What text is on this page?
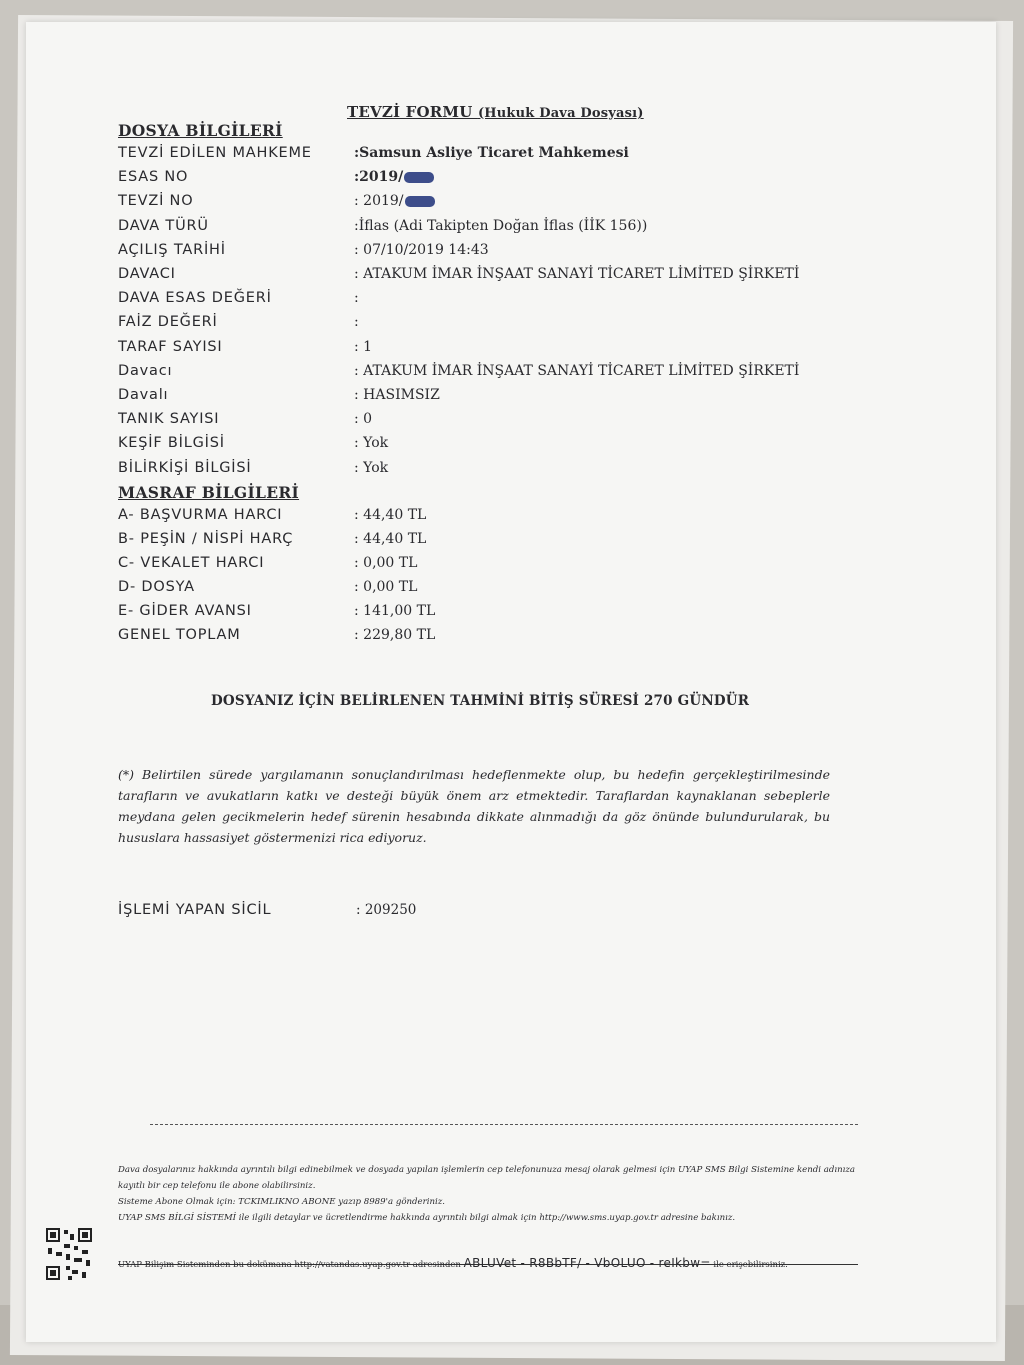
TEVZİ FORMU (Hukuk Dava Dosyası)
DOSYA BİLGİLERİ
TEVZİ EDİLEN MAHKEME	:Samsun Asliye Ticaret Mahkemesi
ESAS NO	:2019/
TEVZİ NO	: 2019/
DAVA TÜRÜ	:İflas (Adi Takipten Doğan İflas (İİK 156))
AÇILIŞ TARİHİ	: 07/10/2019 14:43
DAVACI	: ATAKUM İMAR İNŞAAT SANAYİ TİCARET LİMİTED ŞİRKETİ
DAVA ESAS DEĞERİ	:
FAİZ DEĞERİ	:
TARAF SAYISI	: 1
Davacı	: ATAKUM İMAR İNŞAAT SANAYİ TİCARET LİMİTED ŞİRKETİ
Davalı	: HASIMSIZ
TANIK SAYISI	: 0
KEŞİF BİLGİSİ	: Yok
BİLİRKİŞİ BİLGİSİ	: Yok
MASRAF BİLGİLERİ
A- BAŞVURMA HARCI	: 44,40 TL
B- PEŞİN / NİSPİ HARÇ	: 44,40 TL
C- VEKALET HARCI	: 0,00 TL
D- DOSYA	: 0,00 TL
E- GİDER AVANSI	: 141,00 TL
GENEL TOPLAM	: 229,80 TL
DOSYANIZ İÇİN BELİRLENEN TAHMİNİ BİTİŞ SÜRESİ 270 GÜNDÜR
(*) Belirtilen sürede yargılamanın sonuçlandırılması hedeflenmekte olup, bu hedefin gerçekleştirilmesinde tarafların ve avukatların katkı ve desteği büyük önem arz etmektedir. Taraflardan kaynaklanan sebeplerle meydana gelen gecikmelerin hedef sürenin hesabında dikkate alınmadığı da göz önünde bulundurularak, bu hususlara hassasiyet göstermenizi rica ediyoruz.
İŞLEMİ YAPAN SİCİL	: 209250

Dava dosyalarınız hakkında ayrıntılı bilgi edinebilmek ve dosyada yapılan işlemlerin cep telefonunuza mesaj olarak gelmesi için UYAP SMS Bilgi Sistemine kendi adınıza kayıtlı bir cep telefonu ile abone olabilirsiniz.

Sisteme Abone Olmak için: TCKIMLIKNO ABONE yazıp 8989'a gönderiniz.

UYAP SMS BİLGİ SİSTEMİ ile ilgili detaylar ve ücretlendirme hakkında ayrıntılı bilgi almak için http://www.sms.uyap.gov.tr adresine bakınız.

UYAP Bilişim Sisteminden bu dokümana http://vatandas.uyap.gov.tr adresinden ABLUVet - R8BbTF/ - VbOLUO - reIkbw= ile erişebilirsiniz.
